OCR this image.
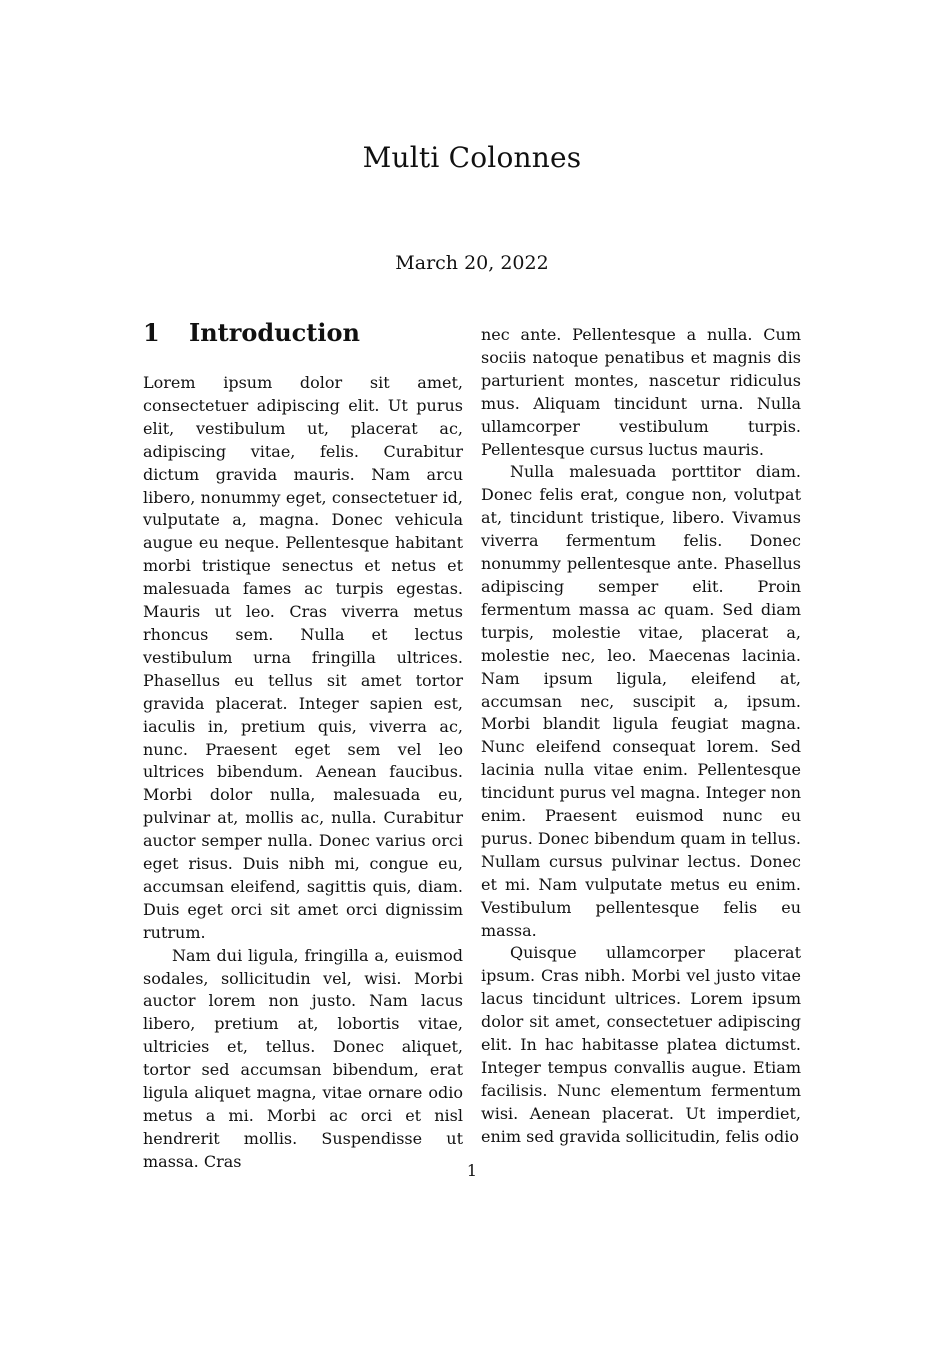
Multi Colonnes
March 20, 2022
1 Introduction

Lorem ipsum dolor sit amet, consectetuer adipiscing elit. Ut purus elit, vestibulum ut, placerat ac, adipiscing vitae, felis. Curabitur dictum gravida mauris. Nam arcu libero, nonummy eget, consectetuer id, vulputate a, magna. Donec vehicula augue eu neque. Pellentesque habitant morbi tristique senectus et netus et malesuada fames ac turpis egestas. Mauris ut leo. Cras viverra metus rhoncus sem. Nulla et lectus vestibulum urna fringilla ultrices. Phasellus eu tellus sit amet tortor gravida placerat. Integer sapien est, iaculis in, pretium quis, viverra ac, nunc. Praesent eget sem vel leo ultrices bibendum. Aenean faucibus. Morbi dolor nulla, malesuada eu, pulvinar at, mollis ac, nulla. Curabitur auctor semper nulla. Donec varius orci eget risus. Duis nibh mi, congue eu, accumsan eleifend, sagittis quis, diam. Duis eget orci sit amet orci dignissim rutrum.

Nam dui ligula, fringilla a, euismod sodales, sollicitudin vel, wisi. Morbi auctor lorem non justo. Nam lacus libero, pretium at, lobortis vitae, ultricies et, tellus. Donec aliquet, tortor sed accumsan bibendum, erat ligula aliquet magna, vitae ornare odio metus a mi. Morbi ac orci et nisl hendrerit mollis. Suspendisse ut massa. Cras

nec ante. Pellentesque a nulla. Cum sociis natoque penatibus et magnis dis parturient montes, nascetur ridiculus mus. Aliquam tincidunt urna. Nulla ullamcorper vestibulum turpis. Pellentesque cursus luctus mauris.

Nulla malesuada porttitor diam. Donec felis erat, congue non, volutpat at, tincidunt tristique, libero. Vivamus viverra fermentum felis. Donec nonummy pellentesque ante. Phasellus adipiscing semper elit. Proin fermentum massa ac quam. Sed diam turpis, molestie vitae, placerat a, molestie nec, leo. Maecenas lacinia. Nam ipsum ligula, eleifend at, accumsan nec, suscipit a, ipsum. Morbi blandit ligula feugiat magna. Nunc eleifend consequat lorem. Sed lacinia nulla vitae enim. Pellentesque tincidunt purus vel magna. Integer non enim. Praesent euismod nunc eu purus. Donec bibendum quam in tellus. Nullam cursus pulvinar lectus. Donec et mi. Nam vulputate metus eu enim. Vestibulum pellentesque felis eu massa.

Quisque ullamcorper placerat ipsum. Cras nibh. Morbi vel justo vitae lacus tincidunt ultrices. Lorem ipsum dolor sit amet, consectetuer adipiscing elit. In hac habitasse platea dictumst. Integer tempus convallis augue. Etiam facilisis. Nunc elementum fermentum wisi. Aenean placerat. Ut imperdiet, enim sed gravida sollicitudin, felis odio

1
